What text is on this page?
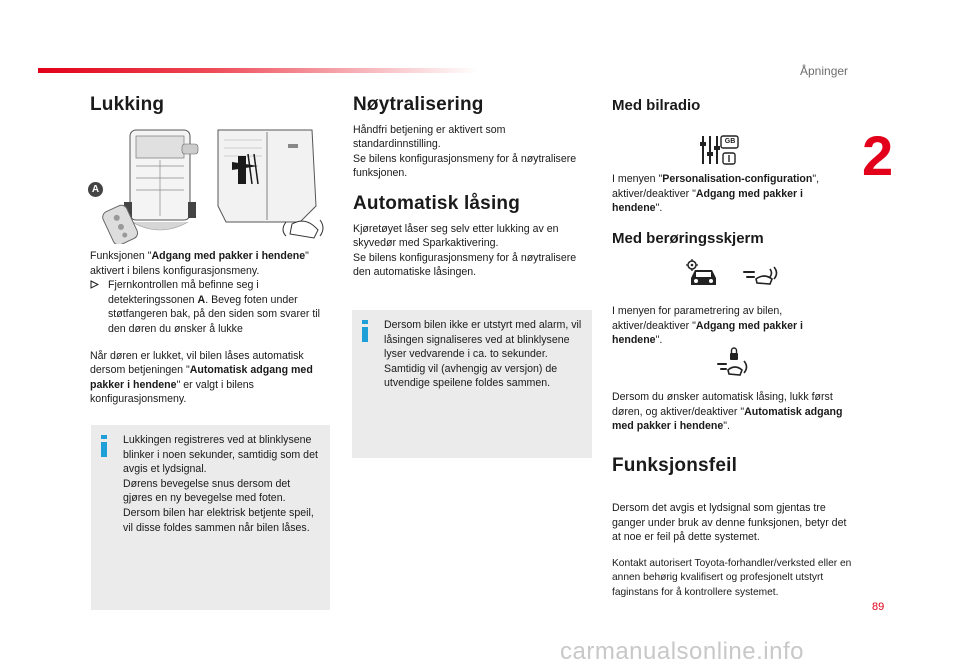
Åpninger
2
89
Lukking
A

Funksjonen "Adgang med pakker i hendene" aktivert i bilens konfigurasjonsmeny.

Fjernkontrollen må befinne seg i detekteringssonen A. Beveg foten under støtfangeren bak, på den siden som svarer til den døren du ønsker å lukke

Når døren er lukket, vil bilen låses automatisk dersom betjeningen "Automatisk adgang med pakker i hendene" er valgt i bilens konfigurasjonsmeny.

Lukkingen registreres ved at blinklysene blinker i noen sekunder, samtidig som det avgis et lydsignal.
Dørens bevegelse snus dersom det gjøres en ny bevegelse med foten.
Dersom bilen har elektrisk betjente speil, vil disse foldes sammen når bilen låses.
Nøytralisering

Håndfri betjening er aktivert som standardinnstilling.
Se bilens konfigurasjonsmeny for å nøytralisere funksjonen.

Automatisk låsing

Kjøretøyet låser seg selv etter lukking av en skyvedør med Sparkaktivering.
Se bilens konfigurasjonsmeny for å nøytralisere den automatiske låsingen.

Dersom bilen ikke er utstyrt med alarm, vil låsingen signaliseres ved at blinklysene lyser vedvarende i ca. to sekunder.
Samtidig vil (avhengig av versjon) de utvendige speilene foldes sammen.
Med bilradio
GB

I menyen "Personalisation-configuration", aktiver/deaktiver "Adgang med pakker i hendene".

Med berøringsskjerm

I menyen for parametrering av bilen, aktiver/deaktiver "Adgang med pakker i hendene".

Dersom du ønsker automatisk låsing, lukk først døren, og aktiver/deaktiver "Automatisk adgang med pakker i hendene".

Funksjonsfeil

Dersom det avgis et lydsignal som gjentas tre ganger under bruk av denne funksjonen, betyr det at noe er feil på dette systemet.

Kontakt autorisert Toyota-forhandler/verksted eller en annen behørig kvalifisert og profesjonelt utstyrt faginstans for å kontrollere systemet.

carmanualsonline.info
